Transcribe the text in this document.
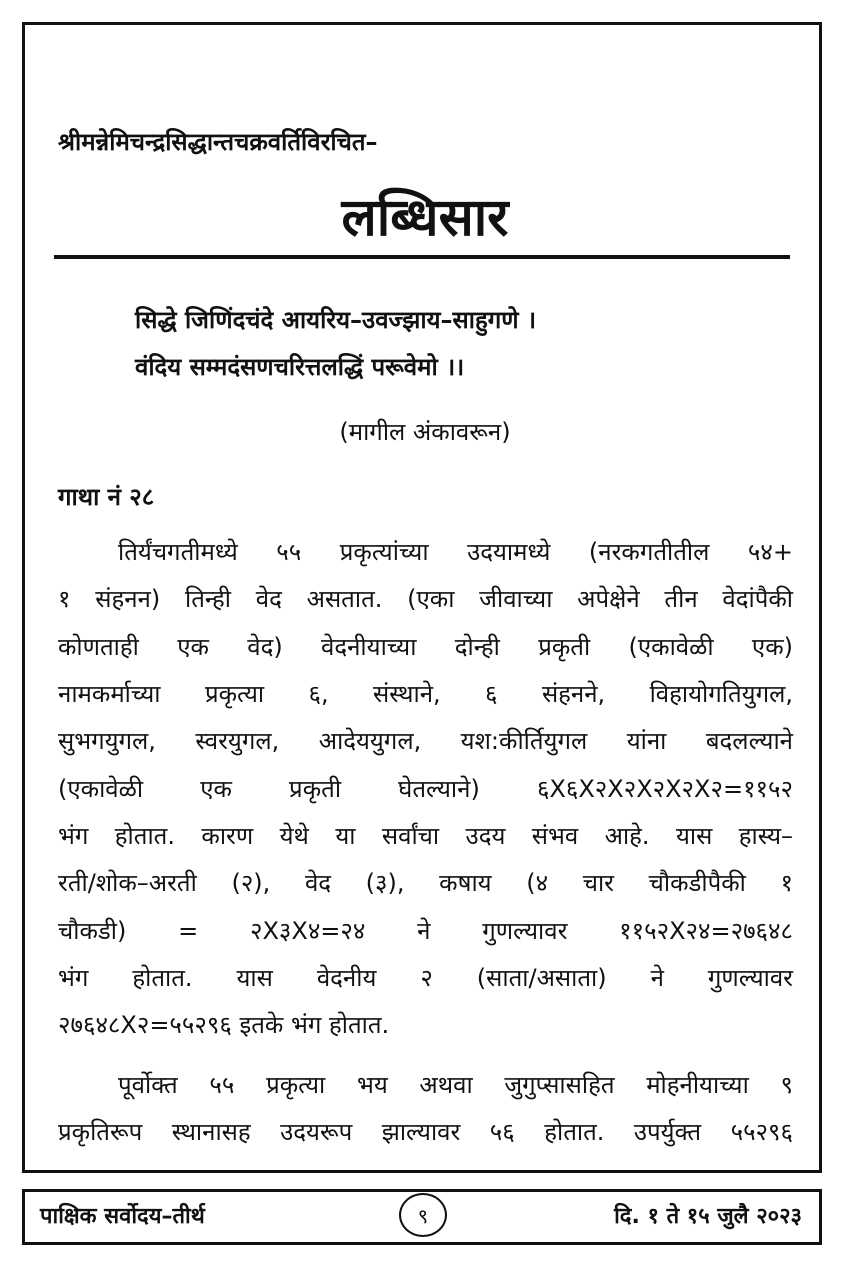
श्रीमन्नेमिचन्द्रसिद्धान्तचक्रवर्तिविरचित–
लब्धिसार
सिद्धे जिणिंदचंदे आयरिय–उवज्झाय–साहुगणे ।
वंदिय सम्मदंसणचरित्तलद्धिं परूवेमो ।।
(मागील अंकावरून)
गाथा नं २८
तिर्यंचगतीमध्ये ५५ प्रकृत्यांच्या उदयामध्ये (नरकगतीतील ५४+
१ संहनन) तिन्ही वेद असतात. (एका जीवाच्या अपेक्षेने तीन वेदांपैकी
कोणताही एक वेद) वेदनीयाच्या दोन्ही प्रकृती (एकावेळी एक)
नामकर्माच्या प्रकृत्या ६, संस्थाने, ६ संहनने, विहायोगतियुगल,
सुभगयुगल, स्वरयुगल, आदेययुगल, यश:कीर्तियुगल यांना बदलल्याने
(एकावेळी एक प्रकृती घेतल्याने) ६X६X२X२X२X२X२=११५२
भंग होतात. कारण येथे या सर्वांचा उदय संभव आहे. यास हास्य–
रती/शोक–अरती (२), वेद (३), कषाय (४ चार चौकडीपैकी १
चौकडी) = २X३X४=२४ ने गुणल्यावर ११५२X२४=२७६४८
भंग होतात. यास वेदनीय २ (साता/असाता) ने गुणल्यावर
२७६४८X२=५५२९६ इतके भंग होतात.
पूर्वोक्त ५५ प्रकृत्या भय अथवा जुगुप्सासहित मोहनीयाच्या ९
प्रकृतिरूप स्थानासह उदयरूप झाल्यावर ५६ होतात. उपर्युक्त ५५२९६
पाक्षिक सर्वोदय–तीर्थ	९	दि. १ ते १५ जुलै २०२३
